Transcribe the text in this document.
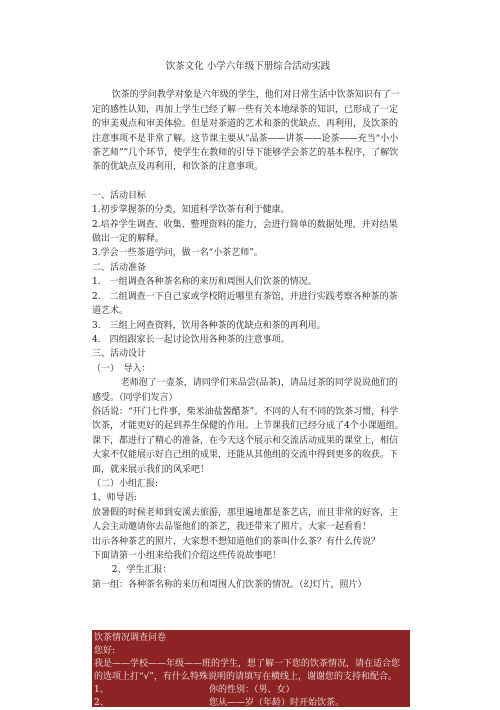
饮茶文化 小学六年级下册综合活动实践

饮茶的学问教学对象是六年级的学生，他们对日常生活中饮茶知识有了一定的感性认知，再加上学生已经了解一些有关本地绿茶的知识，已形成了一定的审美观点和审美体验。但是对茶道的艺术和茶的优缺点、再利用，及饮茶的注意事项不是非常了解。这节课主要从“品茶——讲茶——论茶——充当“小小茶艺师””几个环节，使学生在教师的引导下能够学会茶艺的基本程序，了解饮茶的优缺点及再利用，和饮茶的注意事项。

一、活动目标

1.初步掌握茶的分类，知道科学饮茶有利于健康。

2.培养学生调查、收集、整理资料的能力，会进行简单的数据处理，并对结果做出一定的解释。

3.学会一些茶道学问，做一名“小茶艺师”。

二、活动准备

1.　一组调查各种茶名称的来历和周围人们饮茶的情况。

2.　二组调查一下自己家或学校附近哪里有茶馆，并进行实践考察各种茶的茶道艺术。

3.　三组上网查资料，饮用各种茶的优缺点和茶的再利用。

4.　四组跟家长一起讨论饮用各种茶的注意事项。

三、活动设计

（一）　导入：

老师泡了一壶茶，请同学们来品尝(品茶)，请品过茶的同学说说他们的感受。（同学们发言）

俗话说：“开门七件事，柴米油盐酱醋茶”。不同的人有不同的饮茶习惯，科学饮茶，才能更好的起到养生保健的作用。上节课我们已经分成了4个小课题组。课下，都进行了精心的准备，在今天这个展示和交流活动成果的课堂上，相信大家不仅能展示好自己组的成果，还能从其他组的交流中得到更多的收获。下面，就来展示我们的风采吧！

（二）小组汇报:

1、师导语:

放暑假的时候老师到安溪去旅游，那里遍地都是茶艺店，而且非常的好客，主人会主动邀请你去品鉴他们的茶艺，我还带来了照片。大家一起看看！

出示各种茶艺的照片，大家想不想知道他们的茶叫什么茶？有什么传说？

下面请第一小组来给我们介绍这些传说故事吧！

2、学生汇报：

第一组：各种茶名称的来历和周围人们饮茶的情况。（幻灯片，照片）

饮茶情况调查问卷
您好:
我是——学校——年级——班的学生，想了解一下您的饮茶情况，请在适合您的选项上打“√”，有什么特殊说明的请填写在横线上，谢谢您的支持和配合。
1、	你的性别：（男、女）
2、	您从——岁（年龄）时开始饮茶。
